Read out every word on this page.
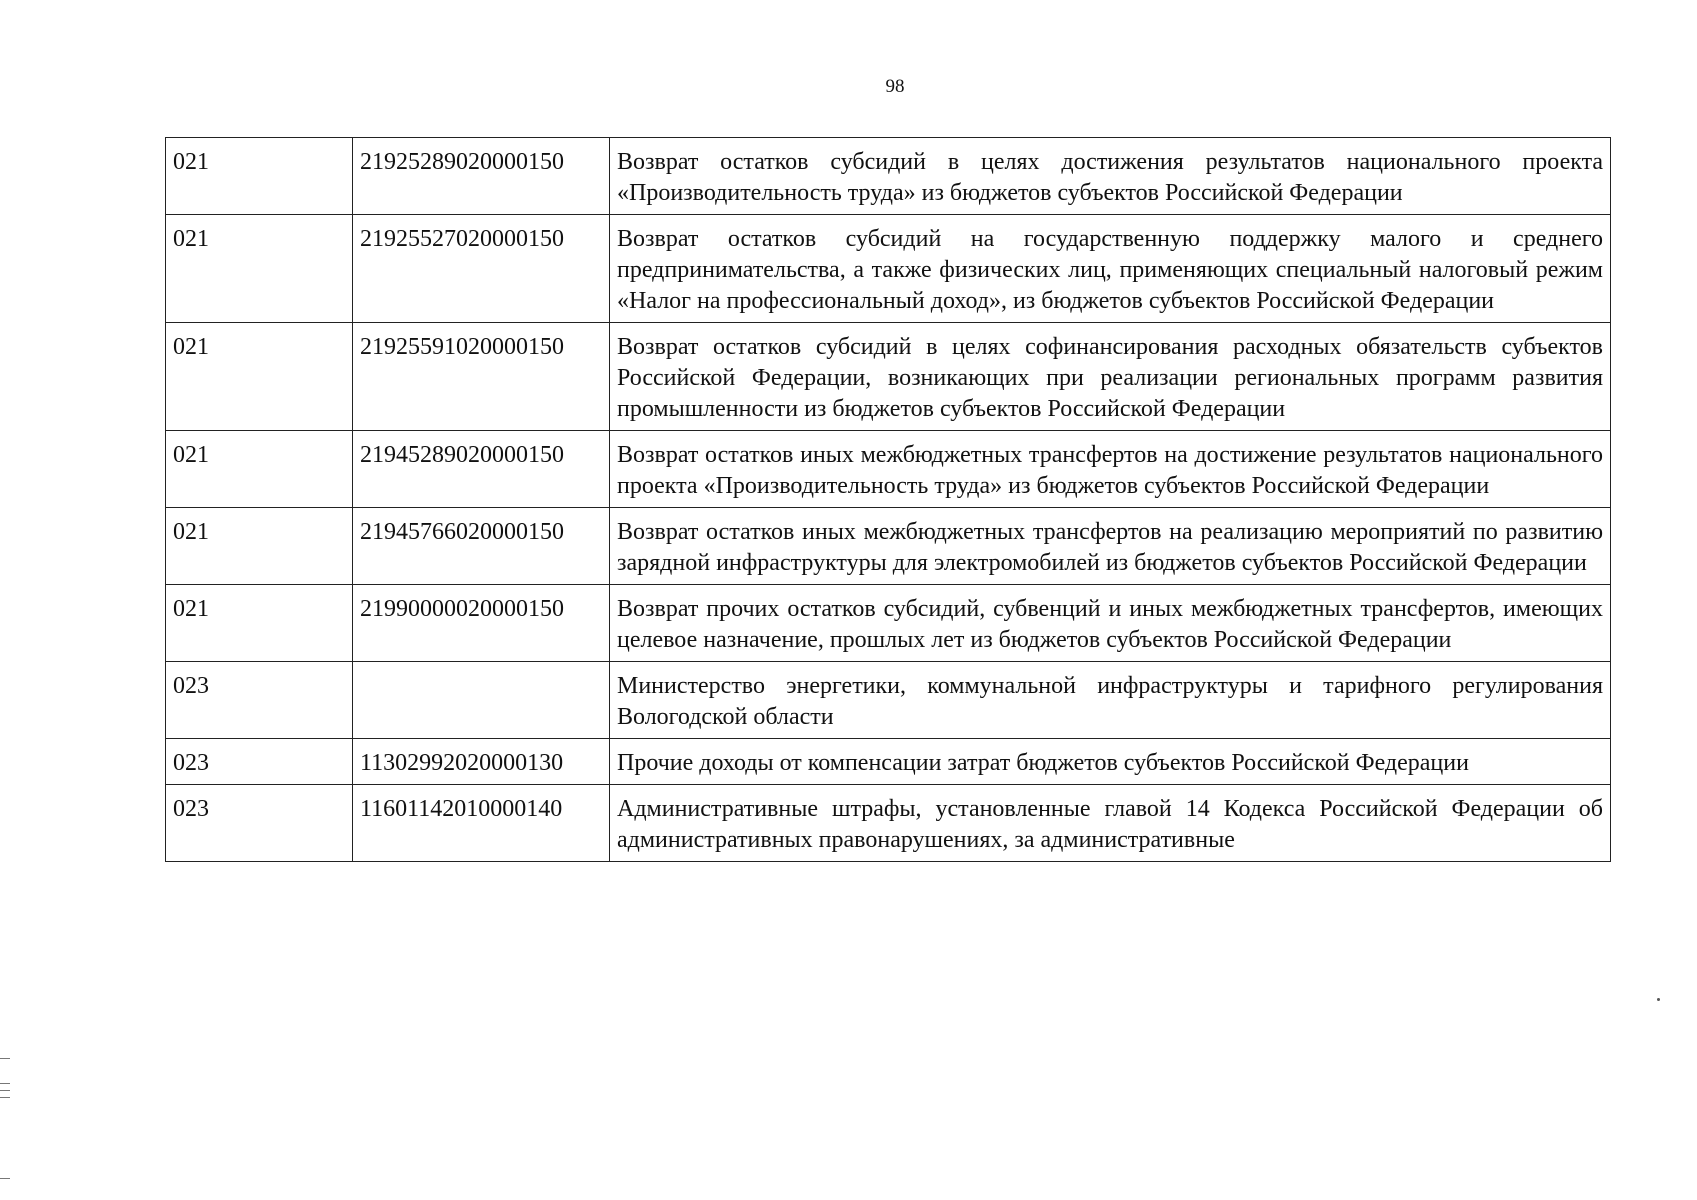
98
021	21925289020000150	Возврат остатков субсидий в целях достижения результатов национального проекта «Производительность труда» из бюджетов субъектов Российской Федерации
021	21925527020000150	Возврат остатков субсидий на государственную поддержку малого и среднего предпринимательства, а также физических лиц, применяющих специальный налоговый режим «Налог на профессиональный доход», из бюджетов субъектов Российской Федерации
021	21925591020000150	Возврат остатков субсидий в целях софинансирования расходных обязательств субъектов Российской Федерации, возникающих при реализации региональных программ развития промышленности из бюджетов субъектов Российской Федерации
021	21945289020000150	Возврат остатков иных межбюджетных трансфертов на достижение результатов национального проекта «Производительность труда» из бюджетов субъектов Российской Федерации
021	21945766020000150	Возврат остатков иных межбюджетных трансфертов на реализацию мероприятий по развитию зарядной инфраструктуры для электромобилей из бюджетов субъектов Российской Федерации
021	21990000020000150	Возврат прочих остатков субсидий, субвенций и иных межбюджетных трансфертов, имеющих целевое назначение, прошлых лет из бюджетов субъектов Российской Федерации
023		Министерство энергетики, коммунальной инфраструктуры и тарифного регулирования Вологодской области
023	11302992020000130	Прочие доходы от компенсации затрат бюджетов субъектов Российской Федерации
023	11601142010000140	Административные штрафы, установленные главой 14 Кодекса Российской Федерации об административных правонарушениях, за административные
